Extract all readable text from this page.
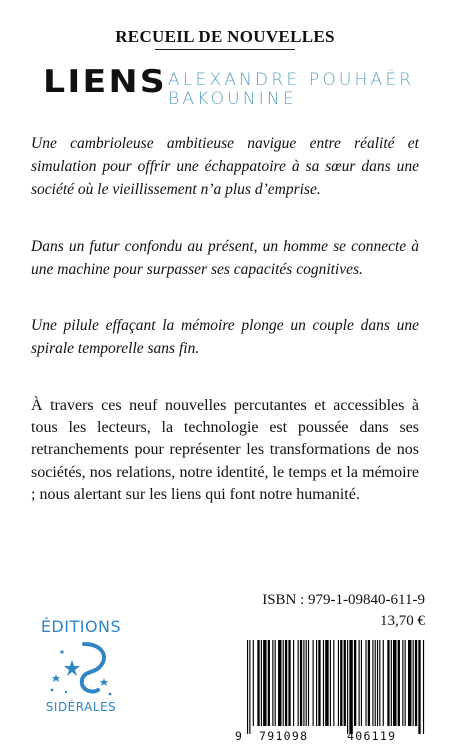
RECUEIL DE NOUVELLES
LIENS ALEXANDRE POUHAËR
BAKOUNINE
Une cambrioleuse ambitieuse navigue entre réalité et simulation pour offrir une échappatoire à sa sœur dans une société où le vieillissement n’a plus d’emprise.
Dans un futur confondu au présent, un homme se connecte à une machine pour surpasser ses capacités cognitives.
Une pilule effaçant la mémoire plonge un couple dans une spirale temporelle sans fin.
À travers ces neuf nouvelles percutantes et accessibles à tous les lecteurs, la technologie est poussée dans ses retranchements pour représenter les transformations de nos sociétés, nos relations, notre identité, le temps et la mémoire ; nous alertant sur les liens qui font notre humanité.
ISBN : 979-1-09840-611-9
13,70 €
9 791098	406119
ÉDITIONS
SIDÉRALES
